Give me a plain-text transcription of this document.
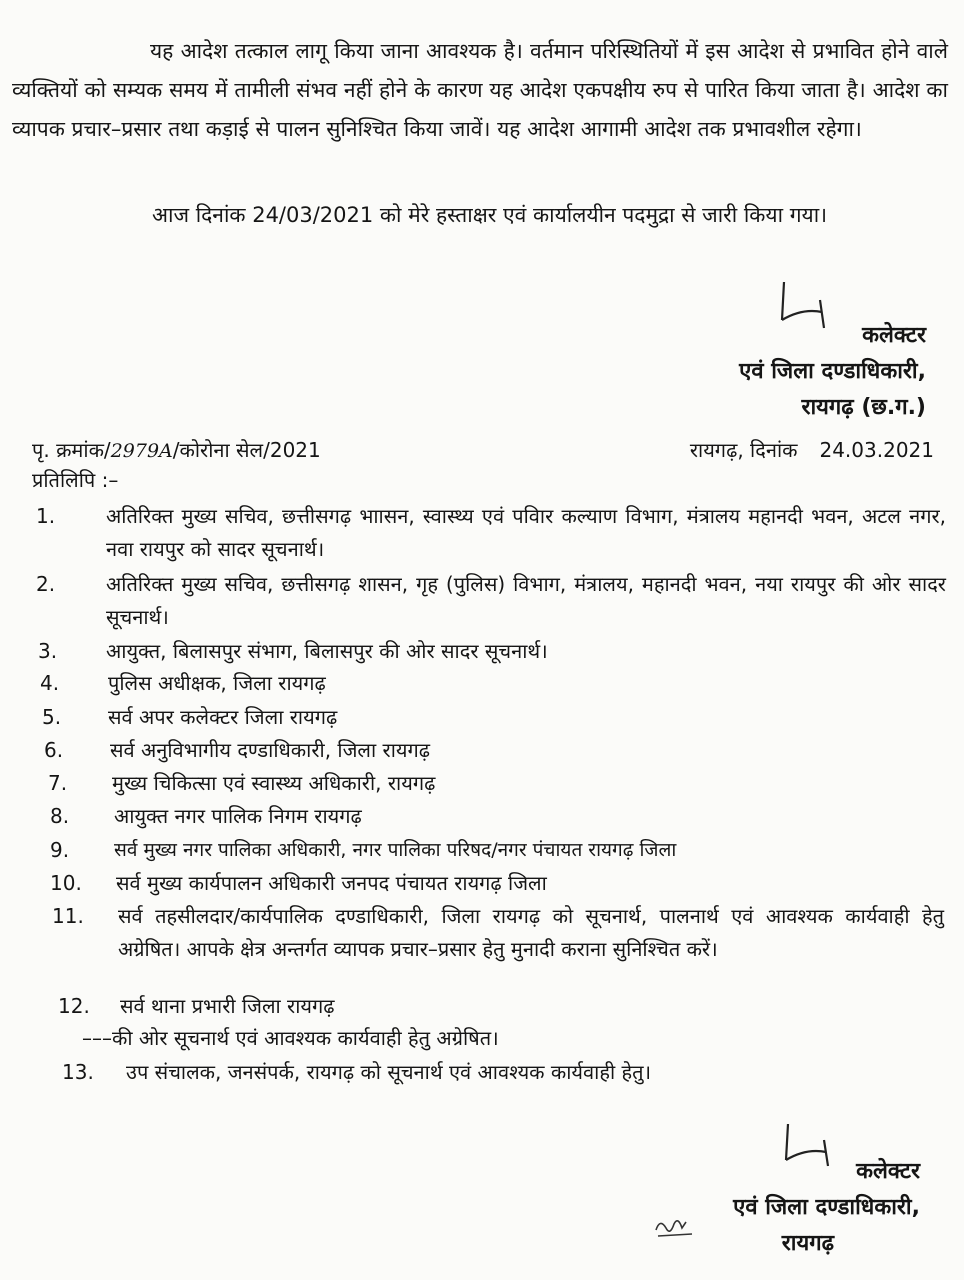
यह आदेश तत्काल लागू किया जाना आवश्यक है। वर्तमान परिस्थितियों में इस आदेश से प्रभावित होने वाले व्यक्तियों को सम्यक समय में तामीली संभव नहीं होने के कारण यह आदेश एकपक्षीय रुप से पारित किया जाता है। आदेश का व्यापक प्रचार–प्रसार तथा कड़ाई से पालन सुनिश्चित किया जावें। यह आदेश आगामी आदेश तक प्रभावशील रहेगा।

आज दिनांक 24/03/2021 को मेरे हस्ताक्षर एवं कार्यालयीन पदमुद्रा से जारी किया गया।

कलेक्टर
एवं जिला दण्डाधिकारी,
रायगढ़ (छ.ग.)
पृ. क्रमांक/2979A/कोरोना सेल/2021	रायगढ़, दिनांक 24.03.2021
प्रतिलिपि :–
1.	अतिरिक्त मुख्य सचिव, छत्तीसगढ़ भाासन, स्वास्थ्य एवं पविार कल्याण विभाग, मंत्रालय महानदी भवन, अटल नगर, नवा रायपुर को सादर सूचनार्थ।
2.	अतिरिक्त मुख्य सचिव, छत्तीसगढ़ शासन, गृह (पुलिस) विभाग, मंत्रालय, महानदी भवन, नया रायपुर की ओर सादर सूचनार्थ।
3. आयुक्त, बिलासपुर संभाग, बिलासपुर की ओर सादर सूचनार्थ।
4. पुलिस अधीक्षक, जिला रायगढ़
5. सर्व अपर कलेक्टर जिला रायगढ़
6. सर्व अनुविभागीय दण्डाधिकारी, जिला रायगढ़
7. मुख्य चिकित्सा एवं स्वास्थ्य अधिकारी, रायगढ़
8. आयुक्त नगर पालिक निगम रायगढ़
9. सर्व मुख्य नगर पालिका अधिकारी, नगर पालिका परिषद/नगर पंचायत रायगढ़ जिला
10. सर्व मुख्य कार्यपालन अधिकारी जनपद पंचायत रायगढ़ जिला
11. सर्व तहसीलदार/कार्यपालिक दण्डाधिकारी, जिला रायगढ़ को सूचनार्थ, पालनार्थ एवं आवश्यक कार्यवाही हेतु अग्रेषित। आपके क्षेत्र अन्तर्गत व्यापक प्रचार–प्रसार हेतु मुनादी कराना सुनिश्चित करें।
12. सर्व थाना प्रभारी जिला रायगढ़
–––की ओर सूचनार्थ एवं आवश्यक कार्यवाही हेतु अग्रेषित।
13. उप संचालक, जनसंपर्क, रायगढ़ को सूचनार्थ एवं आवश्यक कार्यवाही हेतु।
कलेक्टर
एवं जिला दण्डाधिकारी,
रायगढ़
